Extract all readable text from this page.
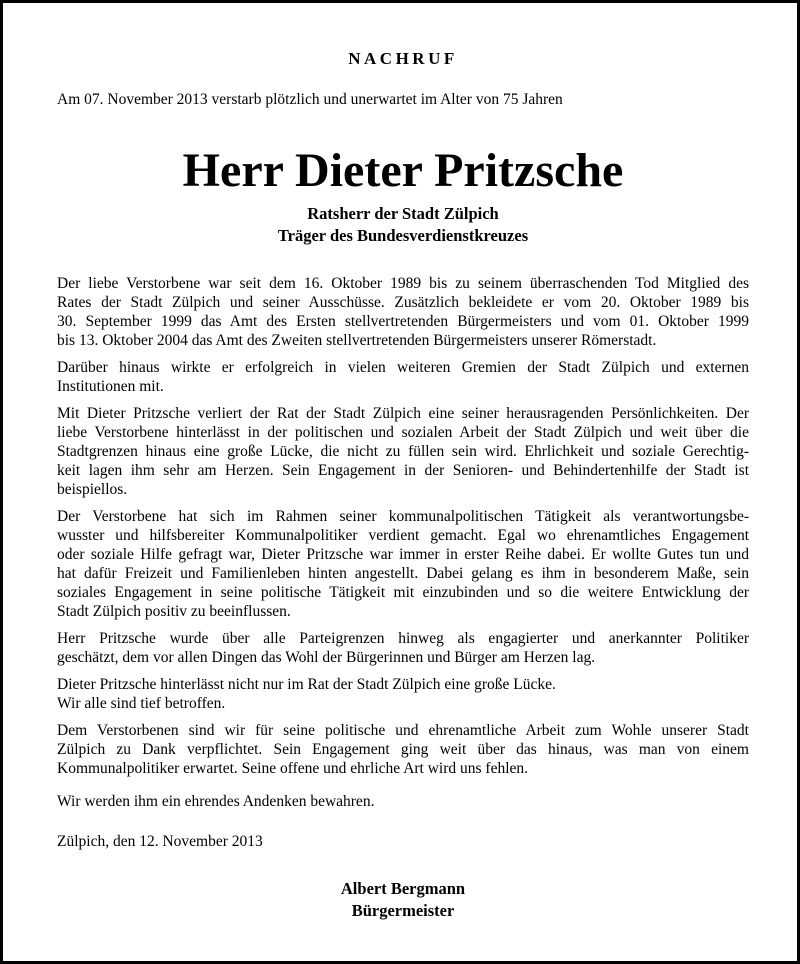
NACHRUF
Am 07. November 2013 verstarb plötzlich und unerwartet im Alter von 75 Jahren
Herr Dieter Pritzsche
Ratsherr der Stadt Zülpich
Träger des Bundesverdienstkreuzes
Der liebe Verstorbene war seit dem 16. Oktober 1989 bis zu seinem überraschenden Tod Mitglied des
Rates der Stadt Zülpich und seiner Ausschüsse. Zusätzlich bekleidete er vom 20. Oktober 1989 bis
30. September 1999 das Amt des Ersten stellvertretenden Bürgermeisters und vom 01. Oktober 1999
bis 13. Oktober 2004 das Amt des Zweiten stellvertretenden Bürgermeisters unserer Römerstadt.
Darüber hinaus wirkte er erfolgreich in vielen weiteren Gremien der Stadt Zülpich und externen
Institutionen mit.
Mit Dieter Pritzsche verliert der Rat der Stadt Zülpich eine seiner herausragenden Persönlichkeiten. Der
liebe Verstorbene hinterlässt in der politischen und sozialen Arbeit der Stadt Zülpich und weit über die
Stadtgrenzen hinaus eine große Lücke, die nicht zu füllen sein wird. Ehrlichkeit und soziale Gerechtig-
keit lagen ihm sehr am Herzen. Sein Engagement in der Senioren- und Behindertenhilfe der Stadt ist
beispiellos.
Der Verstorbene hat sich im Rahmen seiner kommunalpolitischen Tätigkeit als verantwortungsbe-
wusster und hilfsbereiter Kommunalpolitiker verdient gemacht. Egal wo ehrenamtliches Engagement
oder soziale Hilfe gefragt war, Dieter Pritzsche war immer in erster Reihe dabei. Er wollte Gutes tun und
hat dafür Freizeit und Familienleben hinten angestellt. Dabei gelang es ihm in besonderem Maße, sein
soziales Engagement in seine politische Tätigkeit mit einzubinden und so die weitere Entwicklung der
Stadt Zülpich positiv zu beeinflussen.
Herr Pritzsche wurde über alle Parteigrenzen hinweg als engagierter und anerkannter Politiker
geschätzt, dem vor allen Dingen das Wohl der Bürgerinnen und Bürger am Herzen lag.
Dieter Pritzsche hinterlässt nicht nur im Rat der Stadt Zülpich eine große Lücke.
Wir alle sind tief betroffen.
Dem Verstorbenen sind wir für seine politische und ehrenamtliche Arbeit zum Wohle unserer Stadt
Zülpich zu Dank verpflichtet. Sein Engagement ging weit über das hinaus, was man von einem
Kommunalpolitiker erwartet. Seine offene und ehrliche Art wird uns fehlen.
Wir werden ihm ein ehrendes Andenken bewahren.
Zülpich, den 12. November 2013
Albert Bergmann
Bürgermeister
